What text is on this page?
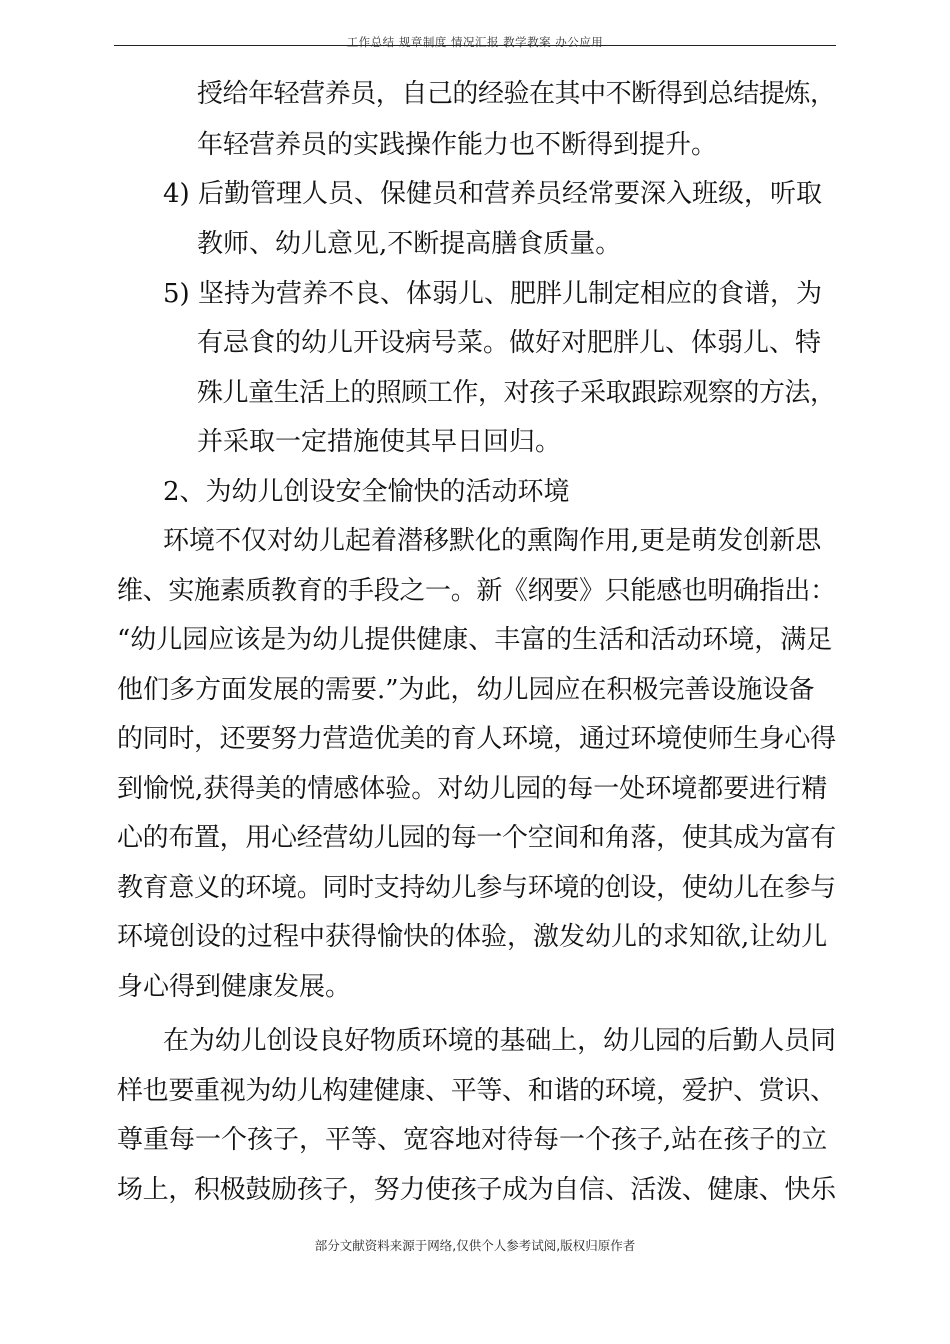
工作总结 规章制度 情况汇报 教学教案 办公应用
授给年轻营养员，自己的经验在其中不断得到总结提炼，
年轻营养员的实践操作能力也不断得到提升。
4) 后勤管理人员、保健员和营养员经常要深入班级，听取
教师、幼儿意见,不断提高膳食质量。
5) 坚持为营养不良、体弱儿、肥胖儿制定相应的食谱，为
有忌食的幼儿开设病号菜。做好对肥胖儿、体弱儿、特
殊儿童生活上的照顾工作，对孩子采取跟踪观察的方法，
并采取一定措施使其早日回归。
2、为幼儿创设安全愉快的活动环境
环境不仅对幼儿起着潜移默化的熏陶作用,更是萌发创新思
维、实施素质教育的手段之一。新《纲要》只能感也明确指出：
“幼儿园应该是为幼儿提供健康、丰富的生活和活动环境，满足
他们多方面发展的需要.”为此，幼儿园应在积极完善设施设备
的同时，还要努力营造优美的育人环境，通过环境使师生身心得
到愉悦,获得美的情感体验。对幼儿园的每一处环境都要进行精
心的布置，用心经营幼儿园的每一个空间和角落，使其成为富有
教育意义的环境。同时支持幼儿参与环境的创设，使幼儿在参与
环境创设的过程中获得愉快的体验，激发幼儿的求知欲,让幼儿
身心得到健康发展。
在为幼儿创设良好物质环境的基础上，幼儿园的后勤人员同
样也要重视为幼儿构建健康、平等、和谐的环境，爱护、赏识、
尊重每一个孩子，平等、宽容地对待每一个孩子,站在孩子的立
场上，积极鼓励孩子，努力使孩子成为自信、活泼、健康、快乐
部分文献资料来源于网络,仅供个人参考试阅,版权归原作者
